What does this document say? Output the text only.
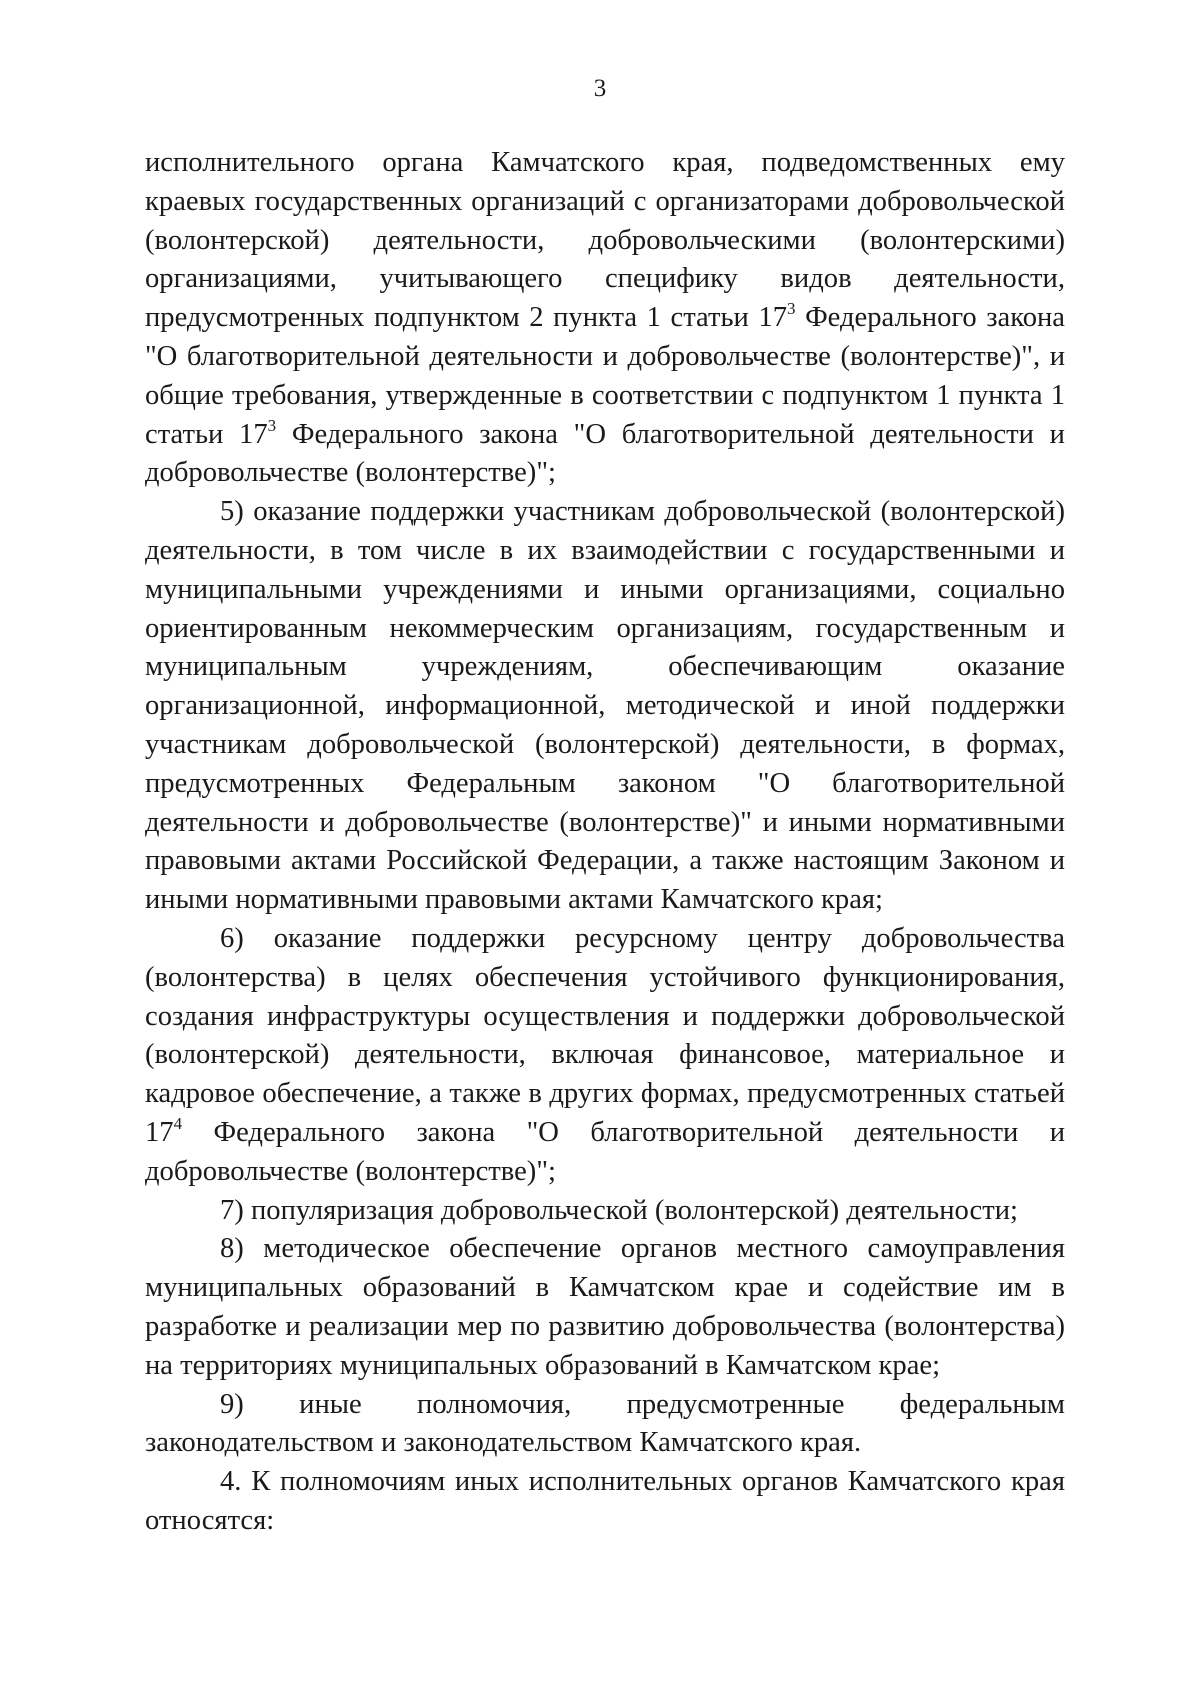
3

исполнительного органа Камчатского края, подведомственных ему краевых государственных организаций с организаторами добровольческой (волонтерской) деятельности, добровольческими (волонтерскими) организациями, учитывающего специфику видов деятельности, предусмотренных подпунктом 2 пункта 1 статьи $17^3$ Федерального закона "О благотворительной деятельности и добровольчестве (волонтерстве)", и общие требования, утвержденные в соответствии с подпунктом 1 пункта 1 статьи $17^3$ Федерального закона "О благотворительной деятельности и добровольчестве (волонтерстве)";

5) оказание поддержки участникам добровольческой (волонтерской) деятельности, в том числе в их взаимодействии с государственными и муниципальными учреждениями и иными организациями, социально ориентированным некоммерческим организациям, государственным и муниципальным учреждениям, обеспечивающим оказание организационной, информационной, методической и иной поддержки участникам добровольческой (волонтерской) деятельности, в формах, предусмотренных Федеральным законом "О благотворительной деятельности и добровольчестве (волонтерстве)" и иными нормативными правовыми актами Российской Федерации, а также настоящим Законом и иными нормативными правовыми актами Камчатского края;

6) оказание поддержки ресурсному центру добровольчества (волонтерства) в целях обеспечения устойчивого функционирования, создания инфраструктуры осуществления и поддержки добровольческой (волонтерской) деятельности, включая финансовое, материальное и кадровое обеспечение, а также в других формах, предусмотренных статьей $17^4$ Федерального закона "О благотворительной деятельности и добровольчестве (волонтерстве)";

7) популяризация добровольческой (волонтерской) деятельности;

8) методическое обеспечение органов местного самоуправления муниципальных образований в Камчатском крае и содействие им в разработке и реализации мер по развитию добровольчества (волонтерства) на территориях муниципальных образований в Камчатском крае;

9) иные полномочия, предусмотренные федеральным законодательством и законодательством Камчатского края.

4. К полномочиям иных исполнительных органов Камчатского края относятся:
